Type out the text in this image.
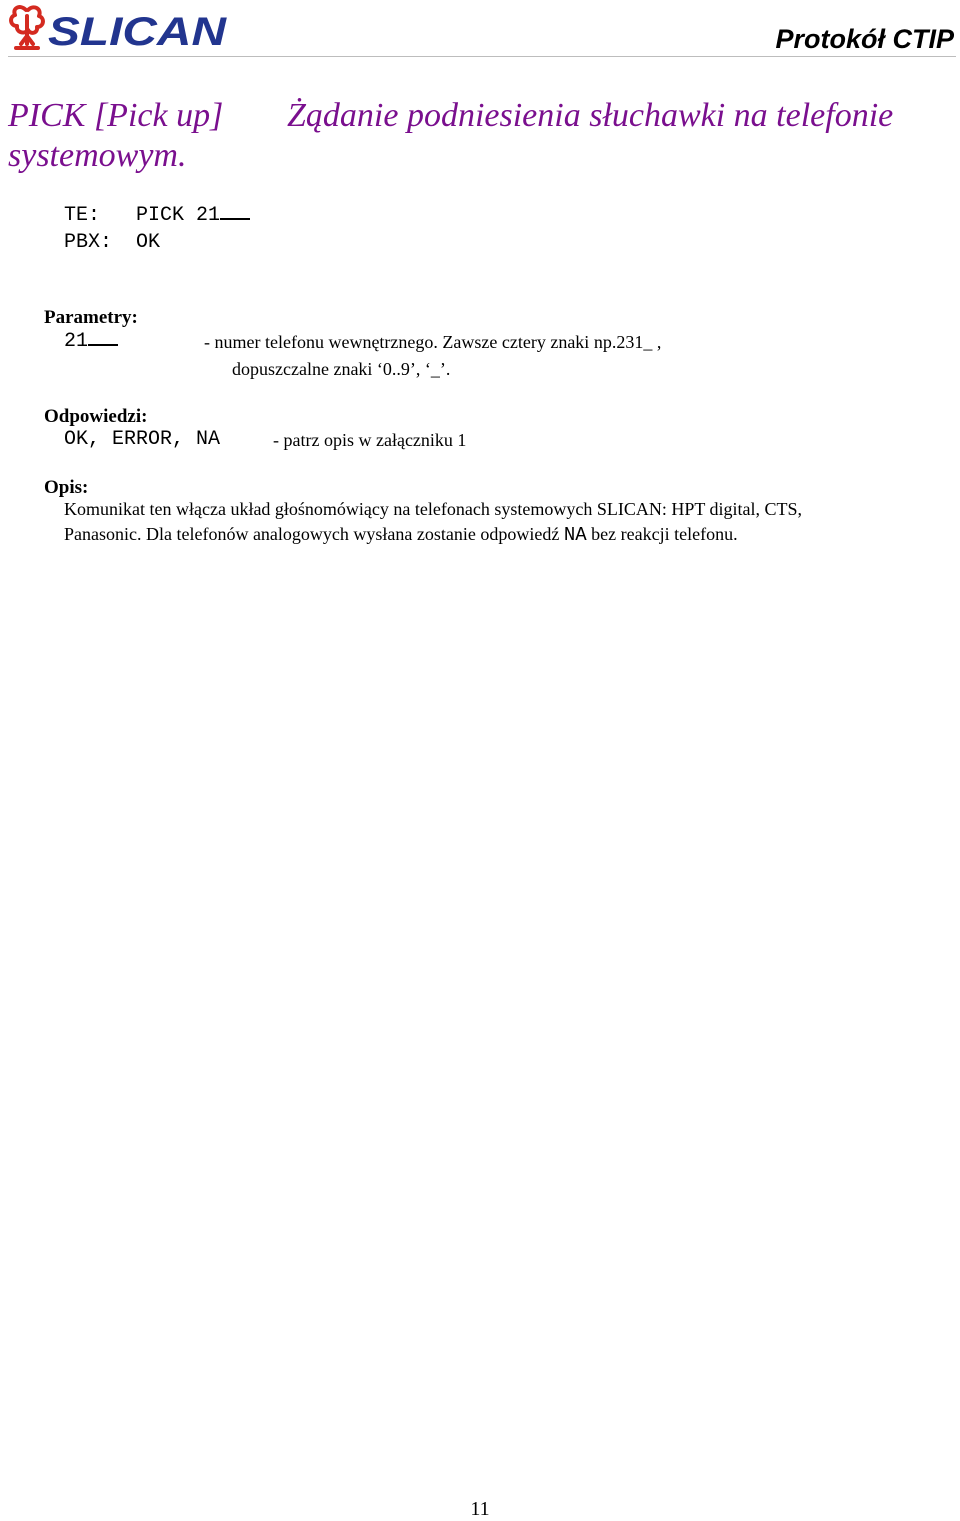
SLICAN	Protokół CTIP
PICK [Pick up] Żądanie podniesienia słuchawki na telefonie
systemowym.
TE: PICK 21
PBX: OK
Parametry:
21	- numer telefonu wewnętrznego. Zawsze cztery znaki np.231_ ,
dopuszczalne znaki ‘0..9’, ‘_’.
Odpowiedzi:
OK, ERROR, NA	- patrz opis w załączniku 1
Opis:
Komunikat ten włącza układ głośnomówiący na telefonach systemowych SLICAN: HPT digital, CTS,
Panasonic. Dla telefonów analogowych wysłana zostanie odpowiedź NA bez reakcji telefonu.
11
